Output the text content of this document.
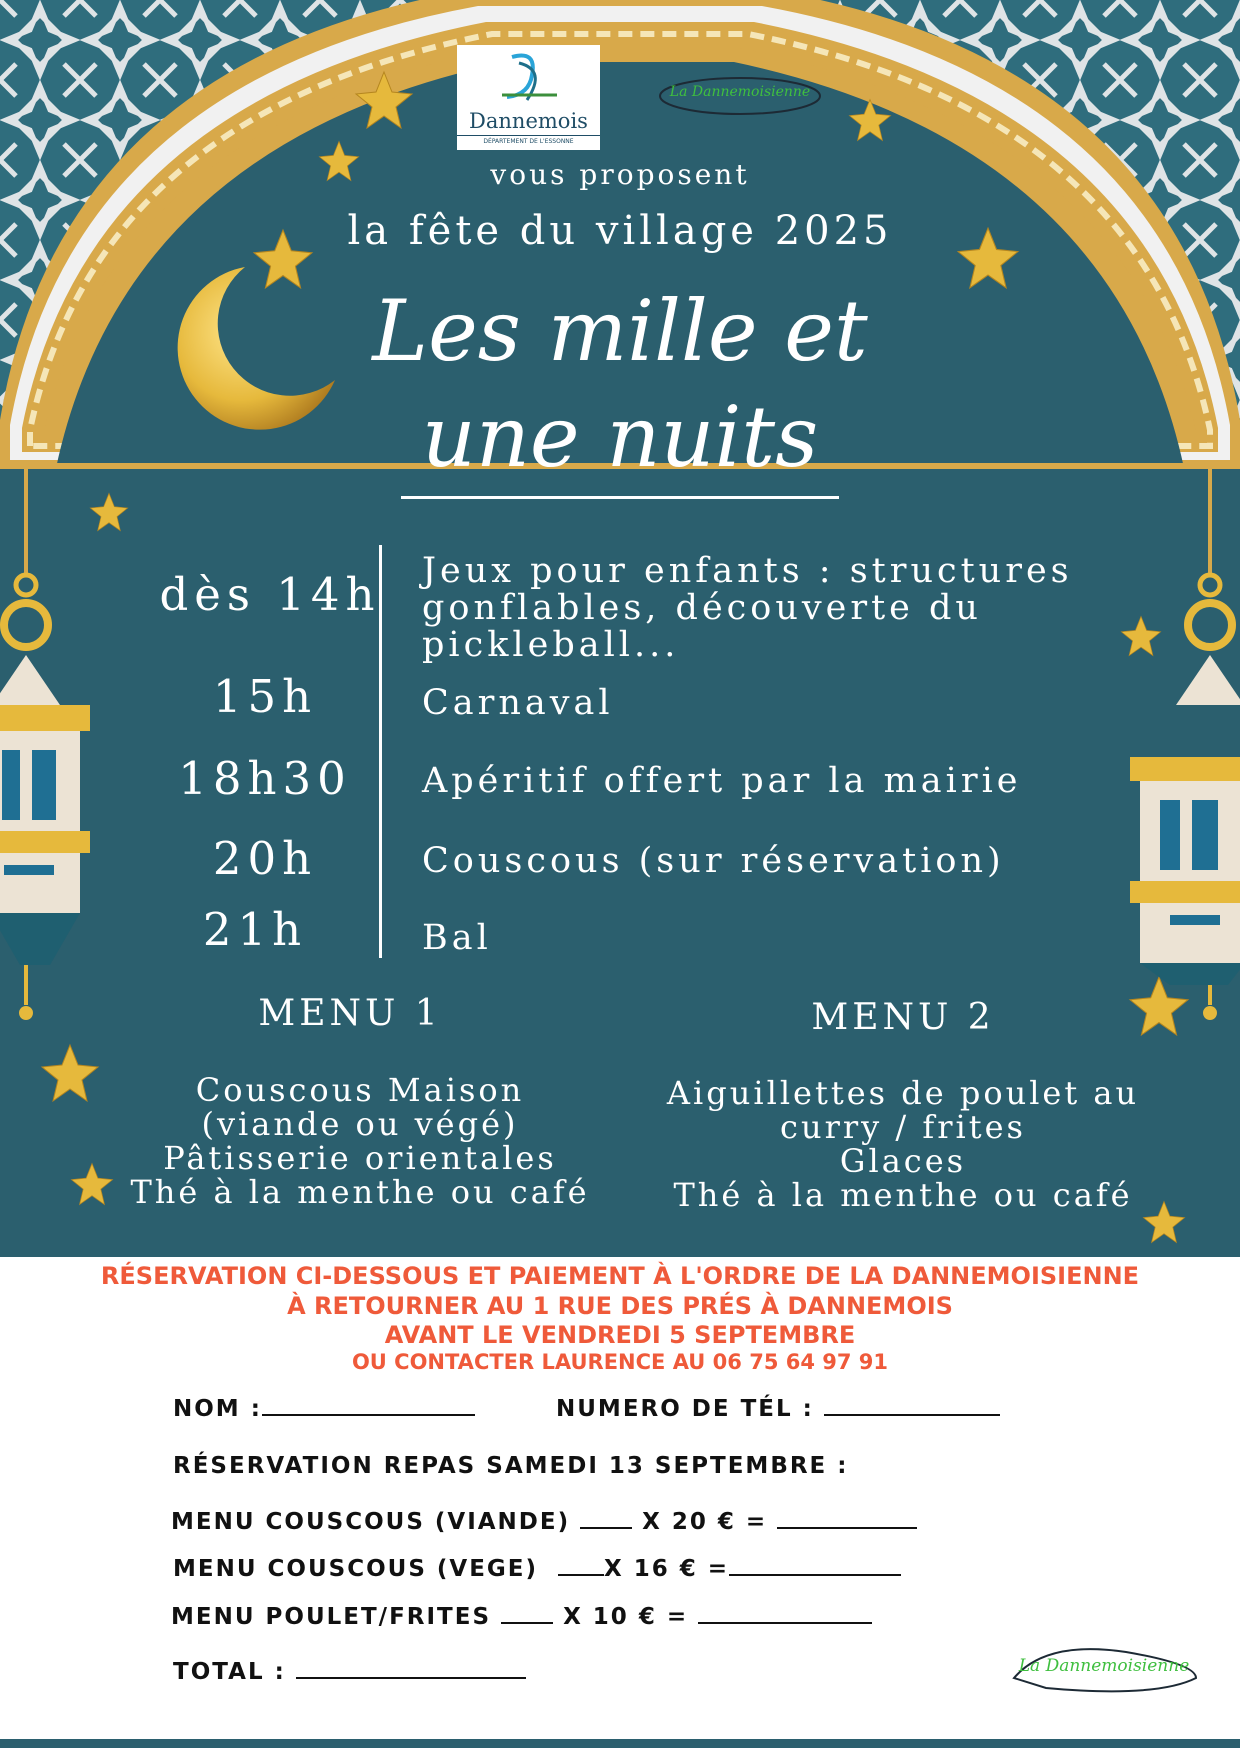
Dannemois
DÉPARTEMENT DE L'ESSONNE
La Dannemoisienne
vous proposent
la fête du village 2025
Les mille et
une nuits
dès 14h	Jeux pour enfants : structures
gonflables, découverte du
pickleball...
15h	Carnaval
18h30	Apéritif offert par la mairie
20h	Couscous (sur réservation)
21h	Bal
MENU 1
Couscous Maison
(viande ou végé)
Pâtisserie orientales
Thé à la menthe ou café
MENU 2
Aiguillettes de poulet au
curry / frites
Glaces
Thé à la menthe ou café
RÉSERVATION CI-DESSOUS ET PAIEMENT À L'ORDRE DE LA DANNEMOISIENNE
À RETOURNER AU 1 RUE DES PRÉS À DANNEMOIS
AVANT LE VENDREDI 5 SEPTEMBRE
OU CONTACTER LAURENCE AU 06 75 64 97 91
NOM :	NUMERO DE TÉL :
RÉSERVATION REPAS SAMEDI 13 SEPTEMBRE :
MENU COUSCOUS (VIANDE)	X 20 € =
MENU COUSCOUS (VEGE)	X 16 € =
MENU POULET/FRITES	X 10 € =
TOTAL :	La Dannemoisienne
